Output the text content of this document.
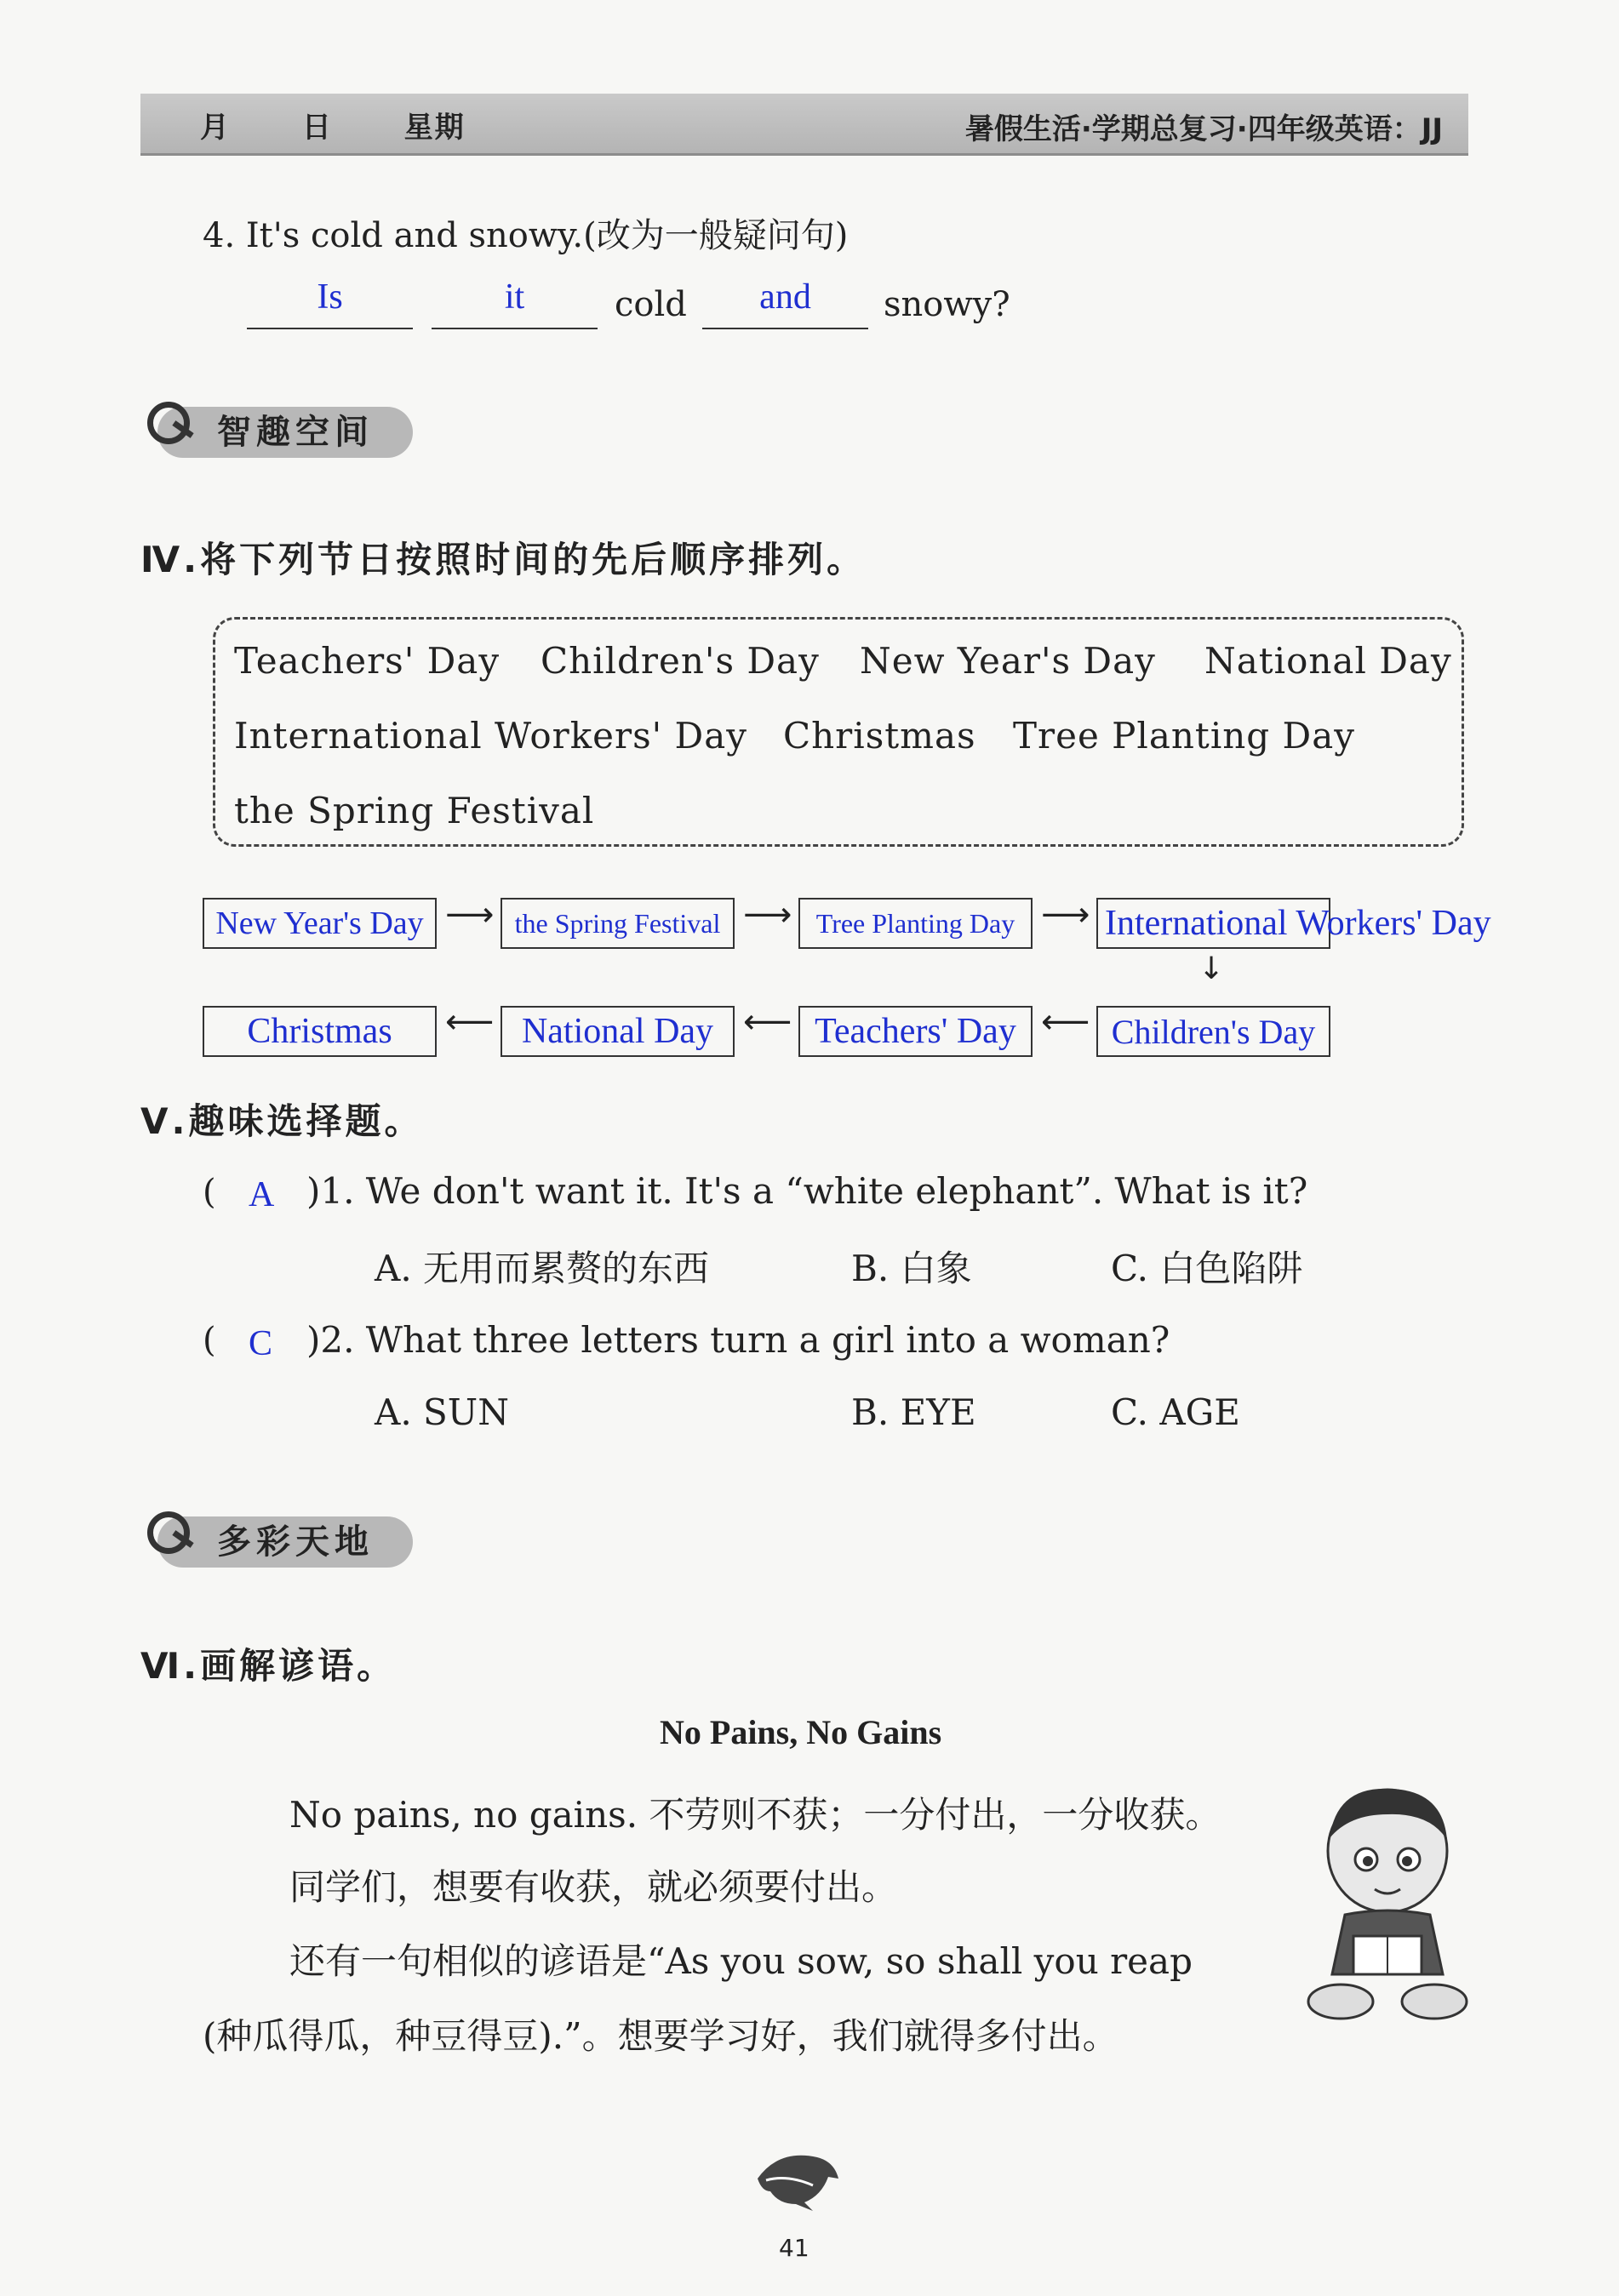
月 日 星期	暑假生活·学期总复习·四年级英语：JJ
4. It's cold and snowy.(改为一般疑问句)
Is	it	cold	and	snowy?
智趣空间
Ⅳ.将下列节日按照时间的先后顺序排列。
Teachers' Day Children's Day New Year's Day National Day
International Workers' Day Christmas Tree Planting Day
the Spring Festival
New Year's Day ⟶ the Spring Festival ⟶ Tree Planting Day ⟶ International Workers' Day
↓
Children's Day
⟵
Teachers' Day
⟵
National Day
⟵
Christmas
Ⅴ.趣味选择题。
( A )1. We don't want it. It's a “white elephant”. What is it?
A. 无用而累赘的东西	B. 白象	C. 白色陷阱
( C )2. What three letters turn a girl into a woman?
A. SUN	B. EYE	C. AGE
多彩天地
Ⅵ.画解谚语。
No Pains, No Gains
No pains, no gains. 不劳则不获；一分付出，一分收获。
同学们，想要有收获，就必须要付出。
还有一句相似的谚语是“As you sow, so shall you reap
(种瓜得瓜，种豆得豆).”。想要学习好，我们就得多付出。
41
